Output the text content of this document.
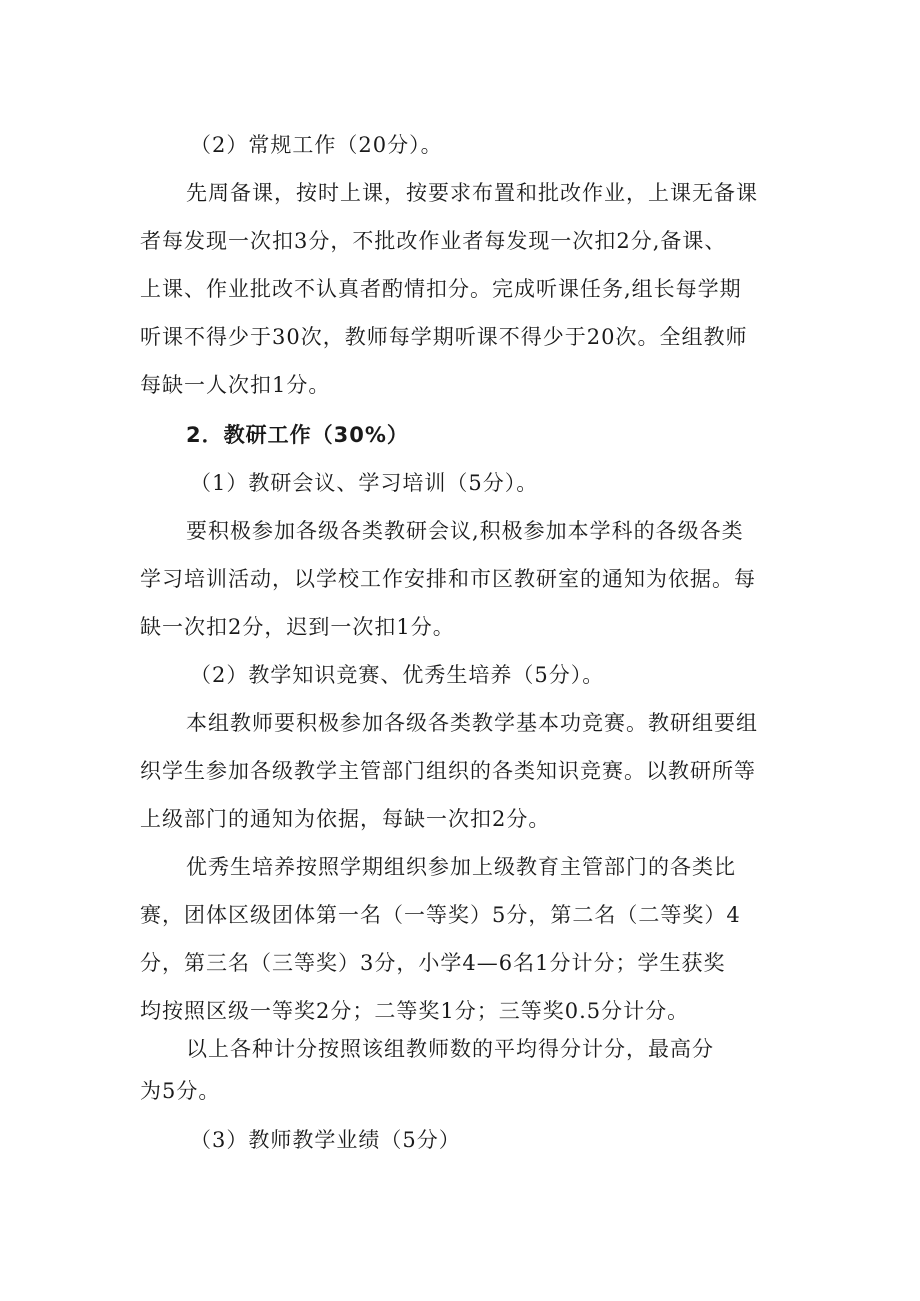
（2）常规工作（20分）。

先周备课，按时上课，按要求布置和批改作业，上课无备课
者每发现一次扣3分，不批改作业者每发现一次扣2分,备课、
上课、作业批改不认真者酌情扣分。完成听课任务,组长每学期
听课不得少于30次，教师每学期听课不得少于20次。全组教师
每缺一人次扣1分。

2．教研工作（30%）

（1）教研会议、学习培训（5分）。

要积极参加各级各类教研会议,积极参加本学科的各级各类
学习培训活动，以学校工作安排和市区教研室的通知为依据。每
缺一次扣2分，迟到一次扣1分。

（2）教学知识竞赛、优秀生培养（5分）。

本组教师要积极参加各级各类教学基本功竞赛。教研组要组
织学生参加各级教学主管部门组织的各类知识竞赛。以教研所等
上级部门的通知为依据，每缺一次扣2分。
优秀生培养按照学期组织参加上级教育主管部门的各类比
赛，团体区级团体第一名（一等奖）5分，第二名（二等奖）4
分，第三名（三等奖）3分，小学4—6名1分计分；学生获奖
均按照区级一等奖2分；二等奖1分；三等奖0.5分计分。
以上各种计分按照该组教师数的平均得分计分，最高分
为5分。

（3）教师教学业绩（5分）
